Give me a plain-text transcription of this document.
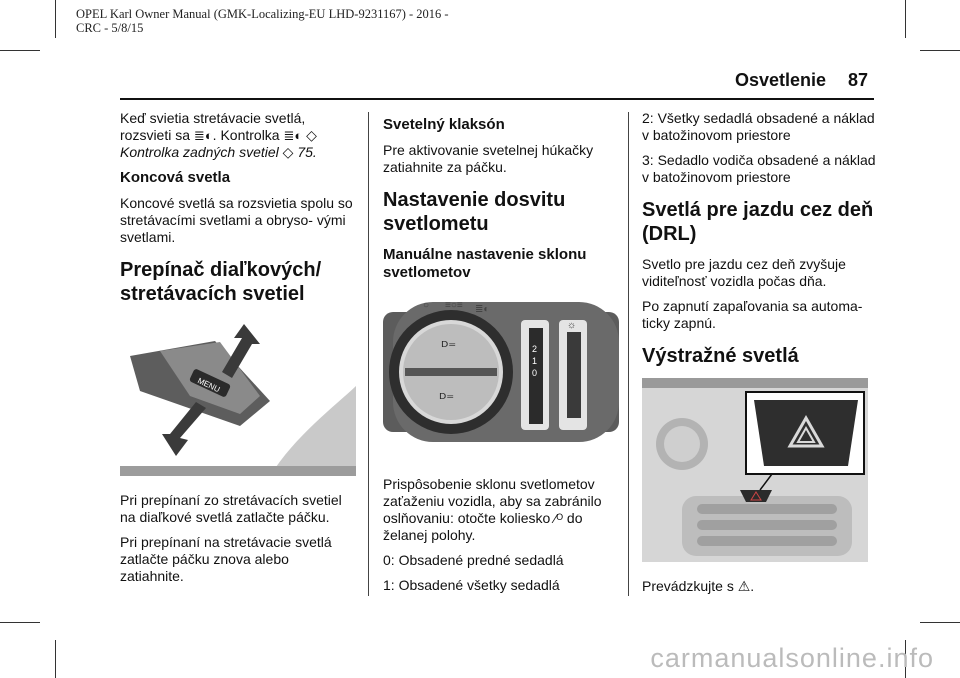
OPEL Karl Owner Manual (GMK-Localizing-EU LHD-9231167) - 2016 -
CRC - 5/8/15
Osvetlenie 87

Keď svietia stretávacie svetlá, rozsvieti sa ≣◐. Kontrolka ≣◐ ◇
Kontrolka zadných svetiel ◇ 75.

Koncová svetla

Koncové svetlá sa rozsvietia spolu so stretávacími svetlami a obryso- vými svetlami.

Prepínač diaľkových/ stretávacích svetiel
MENU

Pri prepínaní zo stretávacích svetiel na diaľkové svetlá zatlačte páčku.

Pri prepínaní na stretávacie svetlá zatlačte páčku znova alebo zatiahnite.

Svetelný klaksón

Pre aktivovanie svetelnej húkačky zatiahnite za páčku.

Nastavenie dosvitu svetlometu
Manuálne nastavenie sklonu svetlometov
ᴰ⁼
ᴰ⁼
○ ≡○≡ ≣◐
2
1
0
☼

Prispôsobenie sklonu svetlometov zaťaženiu vozidla, aby sa zabránilo oslňovaniu: otočte koliesko ⁄ᴼ do želanej polohy.

0: Obsadené predné sedadlá

1: Obsadené všetky sedadlá

2: Všetky sedadlá obsadené a náklad v batožinovom priestore

3: Sedadlo vodiča obsadené a náklad v batožinovom priestore

Svetlá pre jazdu cez deň (DRL)

Svetlo pre jazdu cez deň zvyšuje viditeľnosť vozidla počas dňa.

Po zapnutí zapaľovania sa automa- ticky zapnú.

Výstražné svetlá

Prevádzkujte s ⚠.

carmanualsonline.info
